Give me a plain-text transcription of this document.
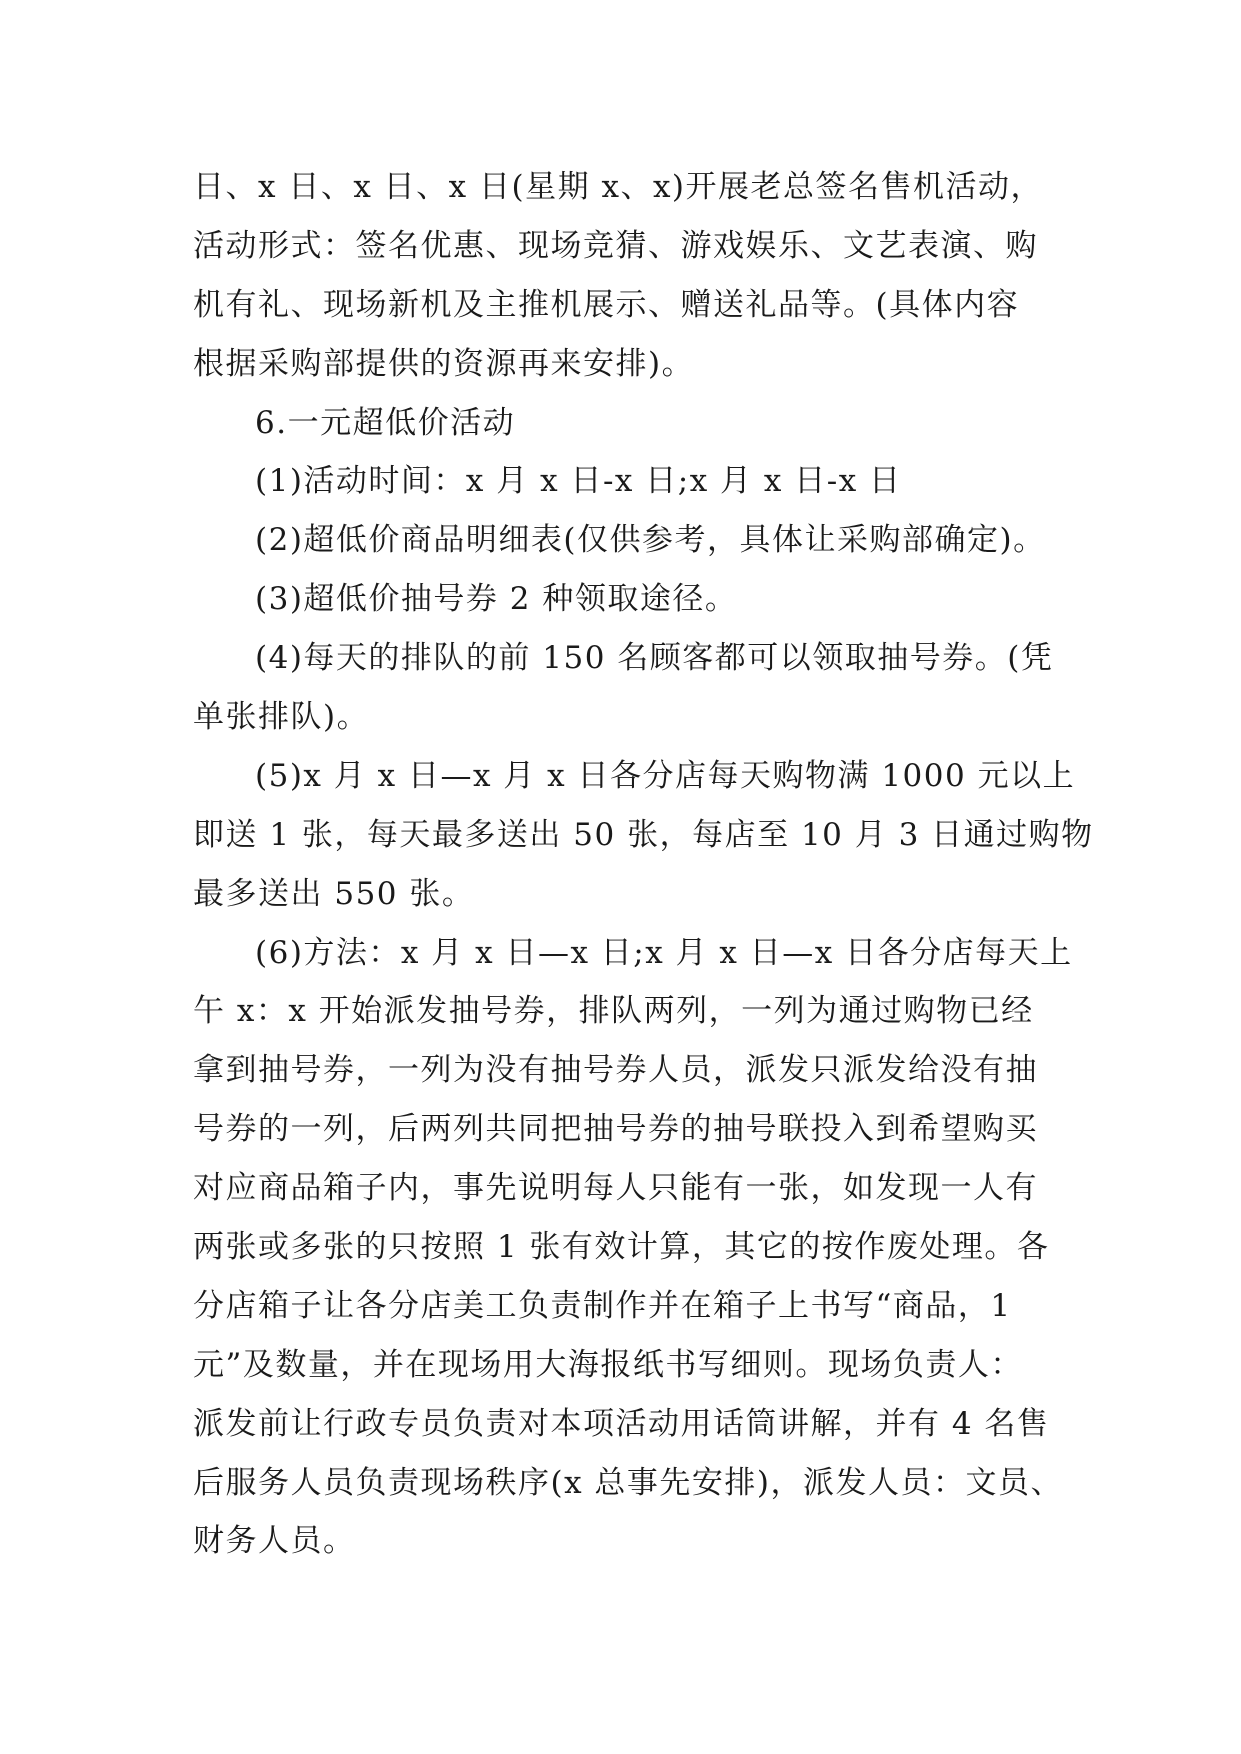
日、x 日、x 日、x 日(星期 x、x)开展老总签名售机活动，
活动形式：签名优惠、现场竞猜、游戏娱乐、文艺表演、购
机有礼、现场新机及主推机展示、赠送礼品等。(具体内容
根据采购部提供的资源再来安排)。
6.一元超低价活动
(1)活动时间：x 月 x 日-x 日;x 月 x 日-x 日
(2)超低价商品明细表(仅供参考，具体让采购部确定)。
(3)超低价抽号券 2 种领取途径。
(4)每天的排队的前 150 名顾客都可以领取抽号券。(凭
单张排队)。
(5)x 月 x 日—x 月 x 日各分店每天购物满 1000 元以上
即送 1 张，每天最多送出 50 张，每店至 10 月 3 日通过购物
最多送出 550 张。
(6)方法：x 月 x 日—x 日;x 月 x 日—x 日各分店每天上
午 x：x 开始派发抽号券，排队两列，一列为通过购物已经
拿到抽号券，一列为没有抽号券人员，派发只派发给没有抽
号券的一列，后两列共同把抽号券的抽号联投入到希望购买
对应商品箱子内，事先说明每人只能有一张，如发现一人有
两张或多张的只按照 1 张有效计算，其它的按作废处理。各
分店箱子让各分店美工负责制作并在箱子上书写“商品，1
元”及数量，并在现场用大海报纸书写细则。现场负责人：
派发前让行政专员负责对本项活动用话筒讲解，并有 4 名售
后服务人员负责现场秩序(x 总事先安排)，派发人员：文员、
财务人员。
